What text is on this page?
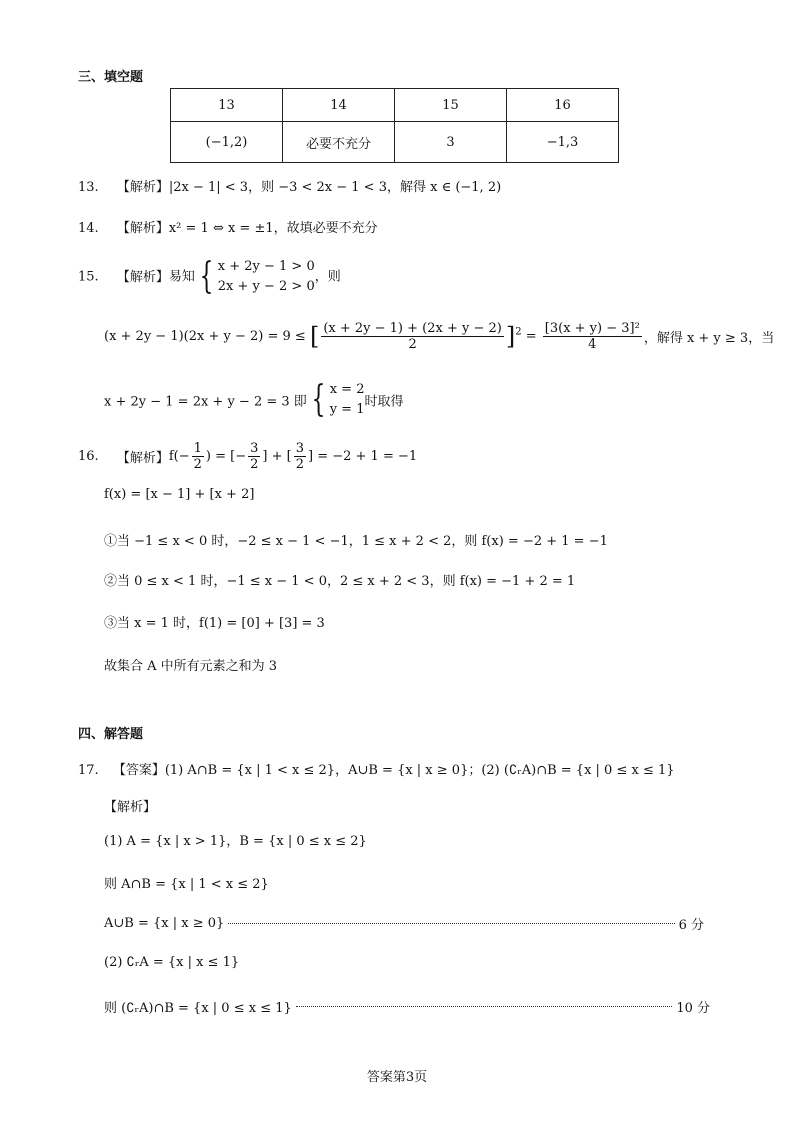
三、填空题
13	14	15	16
(−1,2)	必要不充分	3	−1,3
13. 【解析】|2x − 1| < 3，则 −3 < 2x − 1 < 3，解得 x ∈ (−1, 2)
14. 【解析】x² = 1 ⇔ x = ±1，故填必要不充分
15. 【解析】易知 { x + 2y − 1 > 0
2x + y − 2 > 0
，则
(x + 2y − 1)(2x + y − 2) = 9 ≤ [ $\frac{(x + 2y - 1) + (2x + y - 2)}{2} ]^2 = \frac{\text{[3(x + y) − 3]²}}{4}$ ，解得 x + y ≥ 3，当
x + 2y − 1 = 2x + y − 2 = 3 即 { x = 2
y = 1 时取得
16. 【解析】$f(- \frac{1}{2}$ ) = [− $\frac{3}{2}$ ] + [ $\frac{3}{2}$ ] = −2 + 1 = −1
f(x) = [x − 1] + [x + 2]
①当 −1 ≤ x < 0 时，−2 ≤ x − 1 < −1，1 ≤ x + 2 < 2，则 f(x) = −2 + 1 = −1
②当 0 ≤ x < 1 时，−1 ≤ x − 1 < 0，2 ≤ x + 2 < 3，则 f(x) = −1 + 2 = 1
③当 x = 1 时，f(1) = [0] + [3] = 3
故集合 A 中所有元素之和为 3
四、解答题
17. 【答案】(1) A∩B = {x | 1 < x ≤ 2}，A∪B = {x | x ≥ 0}；(2) (∁ᵣA)∩B = {x | 0 ≤ x ≤ 1}
【解析】
(1) A = {x | x > 1}，B = {x | 0 ≤ x ≤ 2}
则 A∩B = {x | 1 < x ≤ 2}
A∪B = {x | x ≥ 0}	6 分
(2) ∁ᵣA = {x | x ≤ 1}
则 (∁ᵣA)∩B = {x | 0 ≤ x ≤ 1}	10 分
答案第3页
